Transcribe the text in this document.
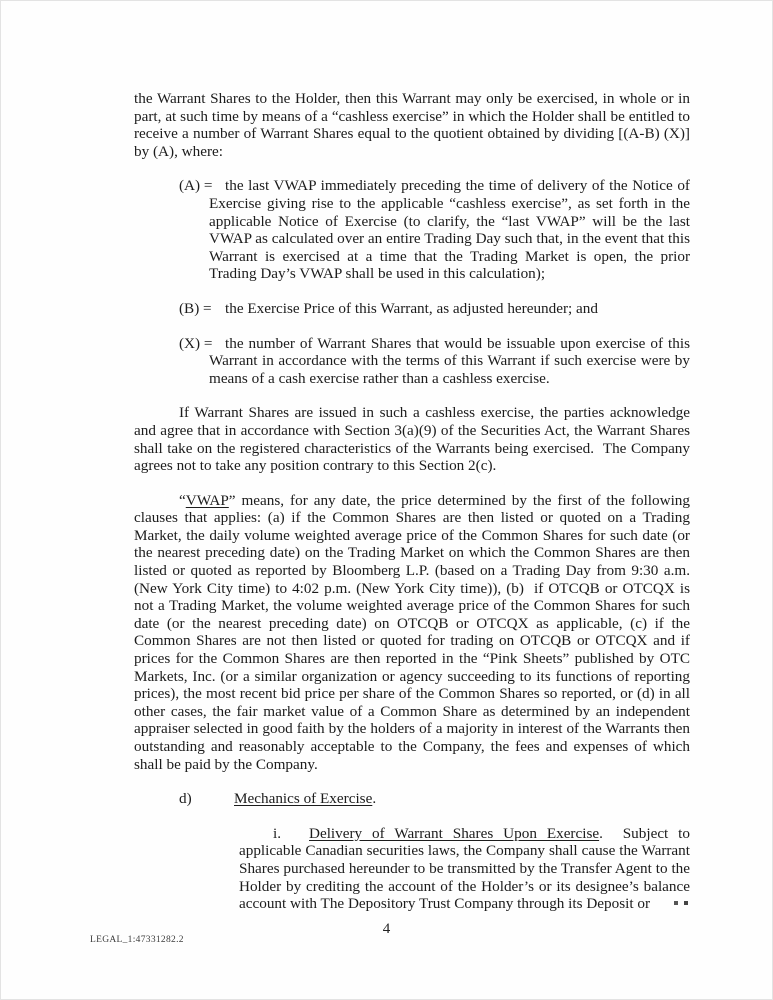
the Warrant Shares to the Holder, then this Warrant may only be exercised, in whole or in part, at such time by means of a “cashless exercise” in which the Holder shall be entitled to receive a number of Warrant Shares equal to the quotient obtained by dividing [(A-B) (X)] by (A), where:

(A) = the last VWAP immediately preceding the time of delivery of the Notice of Exercise giving rise to the applicable “cashless exercise”, as set forth in the applicable Notice of Exercise (to clarify, the “last VWAP” will be the last VWAP as calculated over an entire Trading Day such that, in the event that this Warrant is exercised at a time that the Trading Market is open, the prior Trading Day’s VWAP shall be used in this calculation);

(B) = the Exercise Price of this Warrant, as adjusted hereunder; and

(X) = the number of Warrant Shares that would be issuable upon exercise of this Warrant in accordance with the terms of this Warrant if such exercise were by means of a cash exercise rather than a cashless exercise.

If Warrant Shares are issued in such a cashless exercise, the parties acknowledge and agree that in accordance with Section 3(a)(9) of the Securities Act, the Warrant Shares shall take on the registered characteristics of the Warrants being exercised.  The Company agrees not to take any position contrary to this Section 2(c).

“VWAP” means, for any date, the price determined by the first of the following clauses that applies: (a) if the Common Shares are then listed or quoted on a Trading Market, the daily volume weighted average price of the Common Shares for such date (or the nearest preceding date) on the Trading Market on which the Common Shares are then listed or quoted as reported by Bloomberg L.P. (based on a Trading Day from 9:30 a.m. (New York City time) to 4:02 p.m. (New York City time)), (b)  if OTCQB or OTCQX is not a Trading Market, the volume weighted average price of the Common Shares for such date (or the nearest preceding date) on OTCQB or OTCQX as applicable, (c) if the Common Shares are not then listed or quoted for trading on OTCQB or OTCQX and if prices for the Common Shares are then reported in the “Pink Sheets” published by OTC Markets, Inc. (or a similar organization or agency succeeding to its functions of reporting prices), the most recent bid price per share of the Common Shares so reported, or (d) in all other cases, the fair market value of a Common Share as determined by an independent appraiser selected in good faith by the holders of a majority in interest of the Warrants then outstanding and reasonably acceptable to the Company, the fees and expenses of which shall be paid by the Company.

d)	Mechanics of Exercise.

i. Delivery of Warrant Shares Upon Exercise.  Subject to applicable Canadian securities laws, the Company shall cause the Warrant Shares purchased hereunder to be transmitted by the Transfer Agent to the Holder by crediting the account of the Holder’s or its designee’s balance account with The Depository Trust Company through its Deposit or

4
LEGAL_1:47331282.2
